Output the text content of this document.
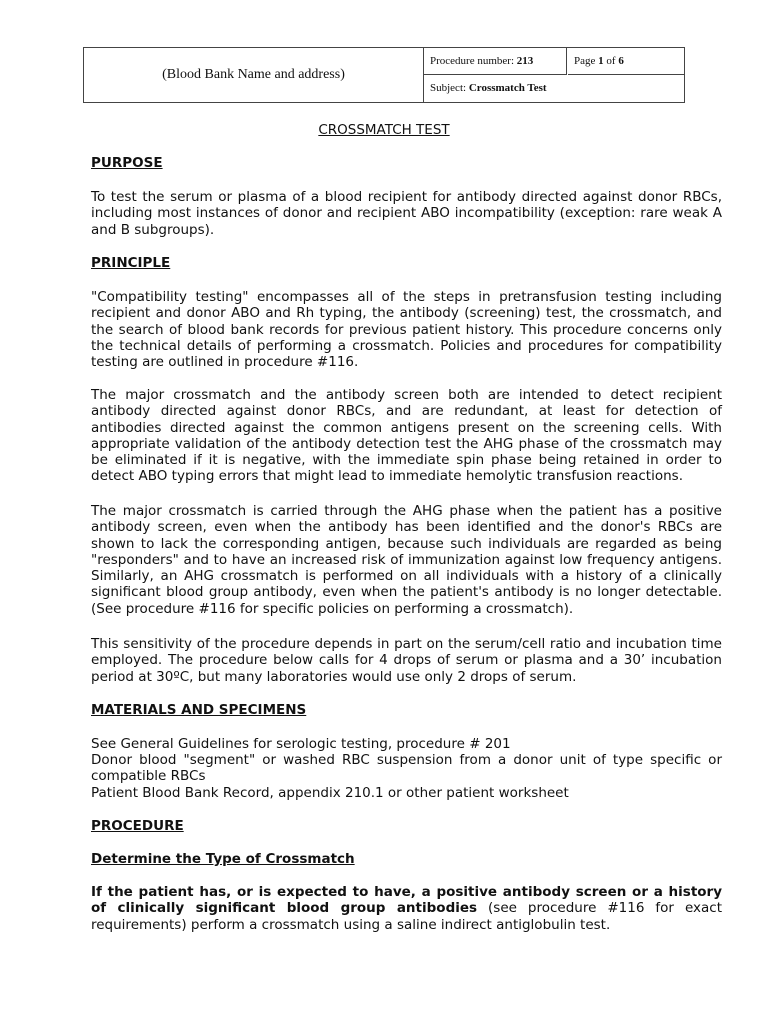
(Blood Bank Name and address)
Procedure number: 213	Page 1 of 6
Subject: Crossmatch Test
CROSSMATCH TEST
PURPOSE

To test the serum or plasma of a blood recipient for antibody directed against donor RBCs, including most instances of donor and recipient ABO incompatibility (exception: rare weak A and B subgroups).

PRINCIPLE

"Compatibility testing" encompasses all of the steps in pretransfusion testing including recipient and donor ABO and Rh typing, the antibody (screening) test, the crossmatch, and the search of blood bank records for previous patient history. This procedure concerns only the technical details of performing a crossmatch. Policies and procedures for compatibility testing are outlined in procedure #116.

The major crossmatch and the antibody screen both are intended to detect recipient antibody directed against donor RBCs, and are redundant, at least for detection of antibodies directed against the common antigens present on the screening cells. With appropriate validation of the antibody detection test the AHG phase of the crossmatch may be eliminated if it is negative, with the immediate spin phase being retained in order to detect ABO typing errors that might lead to immediate hemolytic transfusion reactions.

The major crossmatch is carried through the AHG phase when the patient has a positive antibody screen, even when the antibody has been identified and the donor's RBCs are shown to lack the corresponding antigen, because such individuals are regarded as being "responders" and to have an increased risk of immunization against low frequency antigens. Similarly, an AHG crossmatch is performed on all individuals with a history of a clinically significant blood group antibody, even when the patient's antibody is no longer detectable. (See procedure #116 for specific policies on performing a crossmatch).

This sensitivity of the procedure depends in part on the serum/cell ratio and incubation time employed. The procedure below calls for 4 drops of serum or plasma and a 30’ incubation period at 30ºC, but many laboratories would use only 2 drops of serum.

MATERIALS AND SPECIMENS
See General Guidelines for serologic testing, procedure # 201

Donor blood "segment" or washed RBC suspension from a donor unit of type specific or compatible RBCs

Patient Blood Bank Record, appendix 210.1 or other patient worksheet
PROCEDURE
Determine the Type of Crossmatch

If the patient has, or is expected to have, a positive antibody screen or a history of clinically significant blood group antibodies (see procedure #116 for exact requirements) perform a crossmatch using a saline indirect antiglobulin test.
